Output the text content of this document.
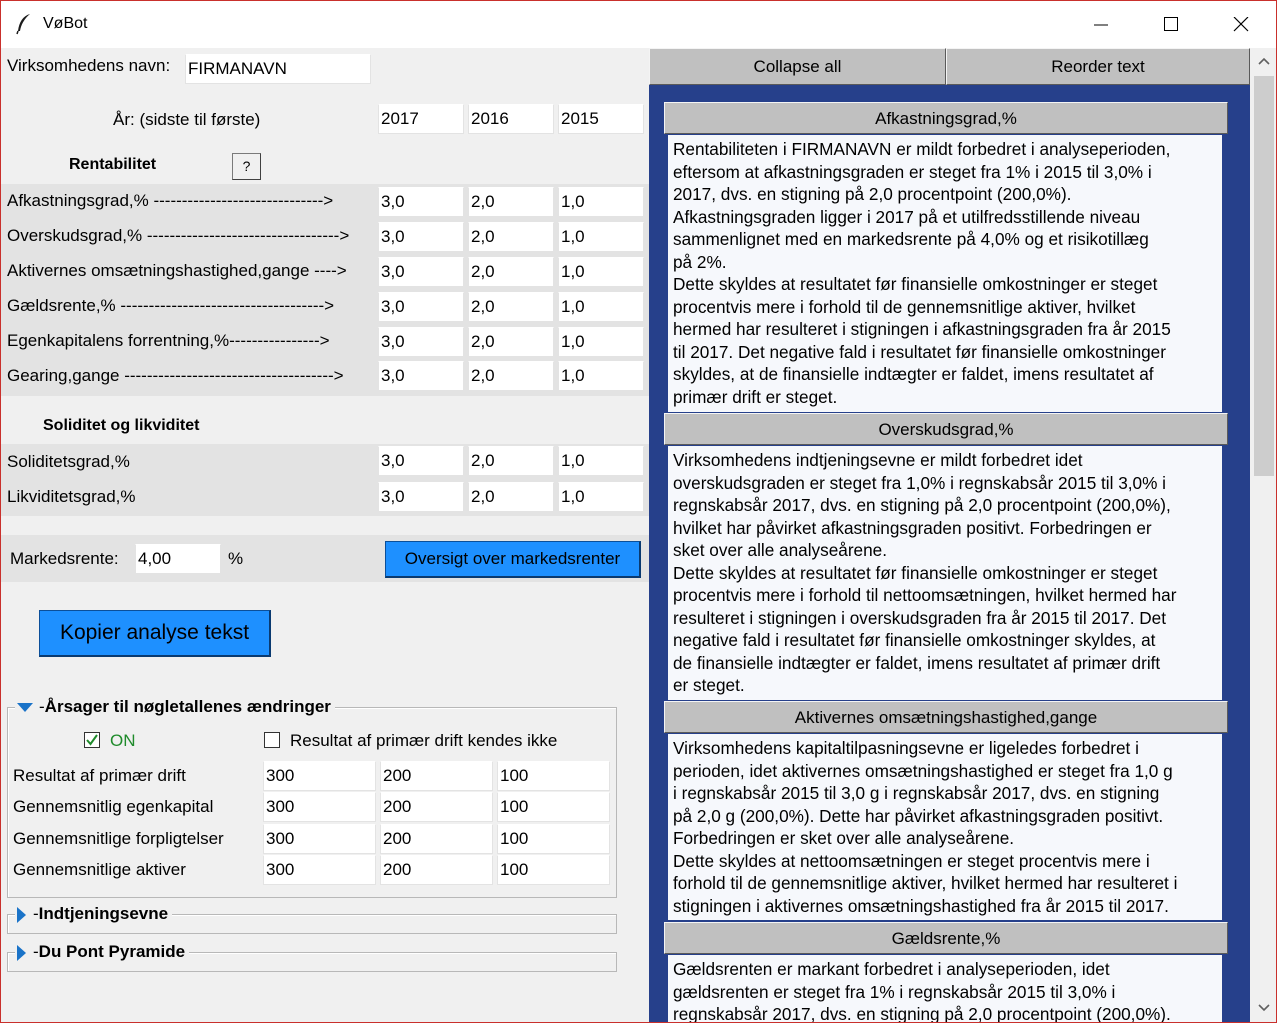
VøBot
Virksomhedens navn: FIRMANAVN
År: (sidste til første)	2017	2016	2015
Rentabilitet	?
Afkastningsgrad,% ------------------------------>	3,0	2,0	1,0
Overskudsgrad,% ----------------------------------> 3,0	2,0	1,0
Aktivernes omsætningshastighed,gange ----> 3,0	2,0	1,0
Gældsrente,% ------------------------------------>	3,0	2,0	1,0
Egenkapitalens forrentning,%---------------->	3,0	2,0	1,0
Gearing,gange -------------------------------------> 3,0	2,0	1,0
Soliditet og likviditet
Soliditetsgrad,%	3,0	2,0	1,0
Likviditetsgrad,%	3,0	2,0	1,0
Markedsrente: 4,00	%	Oversigt over markedsrenter
Kopier analyse tekst
-Årsager til nøgletallenes ændringer
ON	Resultat af primær drift kendes ikke
Resultat af primær drift	300	200	100
Gennemsnitlig egenkapital	300	200	100
Gennemsnitlige forpligtelser 300	200	100
Gennemsnitlige aktiver	300	200	100
-Indtjeningsevne
-Du Pont Pyramide
Collapse all	Reorder text
Afkastningsgrad,%
Rentabiliteten i FIRMANAVN er mildt forbedret i analyseperioden,
eftersom at afkastningsgraden er steget fra 1% i 2015 til 3,0% i
2017, dvs. en stigning på 2,0 procentpoint (200,0%).
Afkastningsgraden ligger i 2017 på et utilfredsstillende niveau
sammenlignet med en markedsrente på 4,0% og et risikotillæg
på 2%.
Dette skyldes at resultatet før finansielle omkostninger er steget
procentvis mere i forhold til de gennemsnitlige aktiver, hvilket
hermed har resulteret i stigningen i afkastningsgraden fra år 2015
til 2017. Det negative fald i resultatet før finansielle omkostninger
skyldes, at de finansielle indtægter er faldet, imens resultatet af
primær drift er steget.
Overskudsgrad,%
Virksomhedens indtjeningsevne er mildt forbedret idet
overskudsgraden er steget fra 1,0% i regnskabsår 2015 til 3,0% i
regnskabsår 2017, dvs. en stigning på 2,0 procentpoint (200,0%),
hvilket har påvirket afkastningsgraden positivt. Forbedringen er
sket over alle analyseårene.
Dette skyldes at resultatet før finansielle omkostninger er steget
procentvis mere i forhold til nettoomsætningen, hvilket hermed har
resulteret i stigningen i overskudsgraden fra år 2015 til 2017. Det
negative fald i resultatet før finansielle omkostninger skyldes, at
de finansielle indtægter er faldet, imens resultatet af primær drift
er steget.
Aktivernes omsætningshastighed,gange
Virksomhedens kapitaltilpasningsevne er ligeledes forbedret i
perioden, idet aktivernes omsætningshastighed er steget fra 1,0 g
i regnskabsår 2015 til 3,0 g i regnskabsår 2017, dvs. en stigning
på 2,0 g (200,0%). Dette har påvirket afkastningsgraden positivt.
Forbedringen er sket over alle analyseårene.
Dette skyldes at nettoomsætningen er steget procentvis mere i
forhold til de gennemsnitlige aktiver, hvilket hermed har resulteret i
stigningen i aktivernes omsætningshastighed fra år 2015 til 2017.
Gældsrente,%
Gældsrenten er markant forbedret i analyseperioden, idet
gældsrenten er steget fra 1% i regnskabsår 2015 til 3,0% i
regnskabsår 2017, dvs. en stigning på 2,0 procentpoint (200,0%).
